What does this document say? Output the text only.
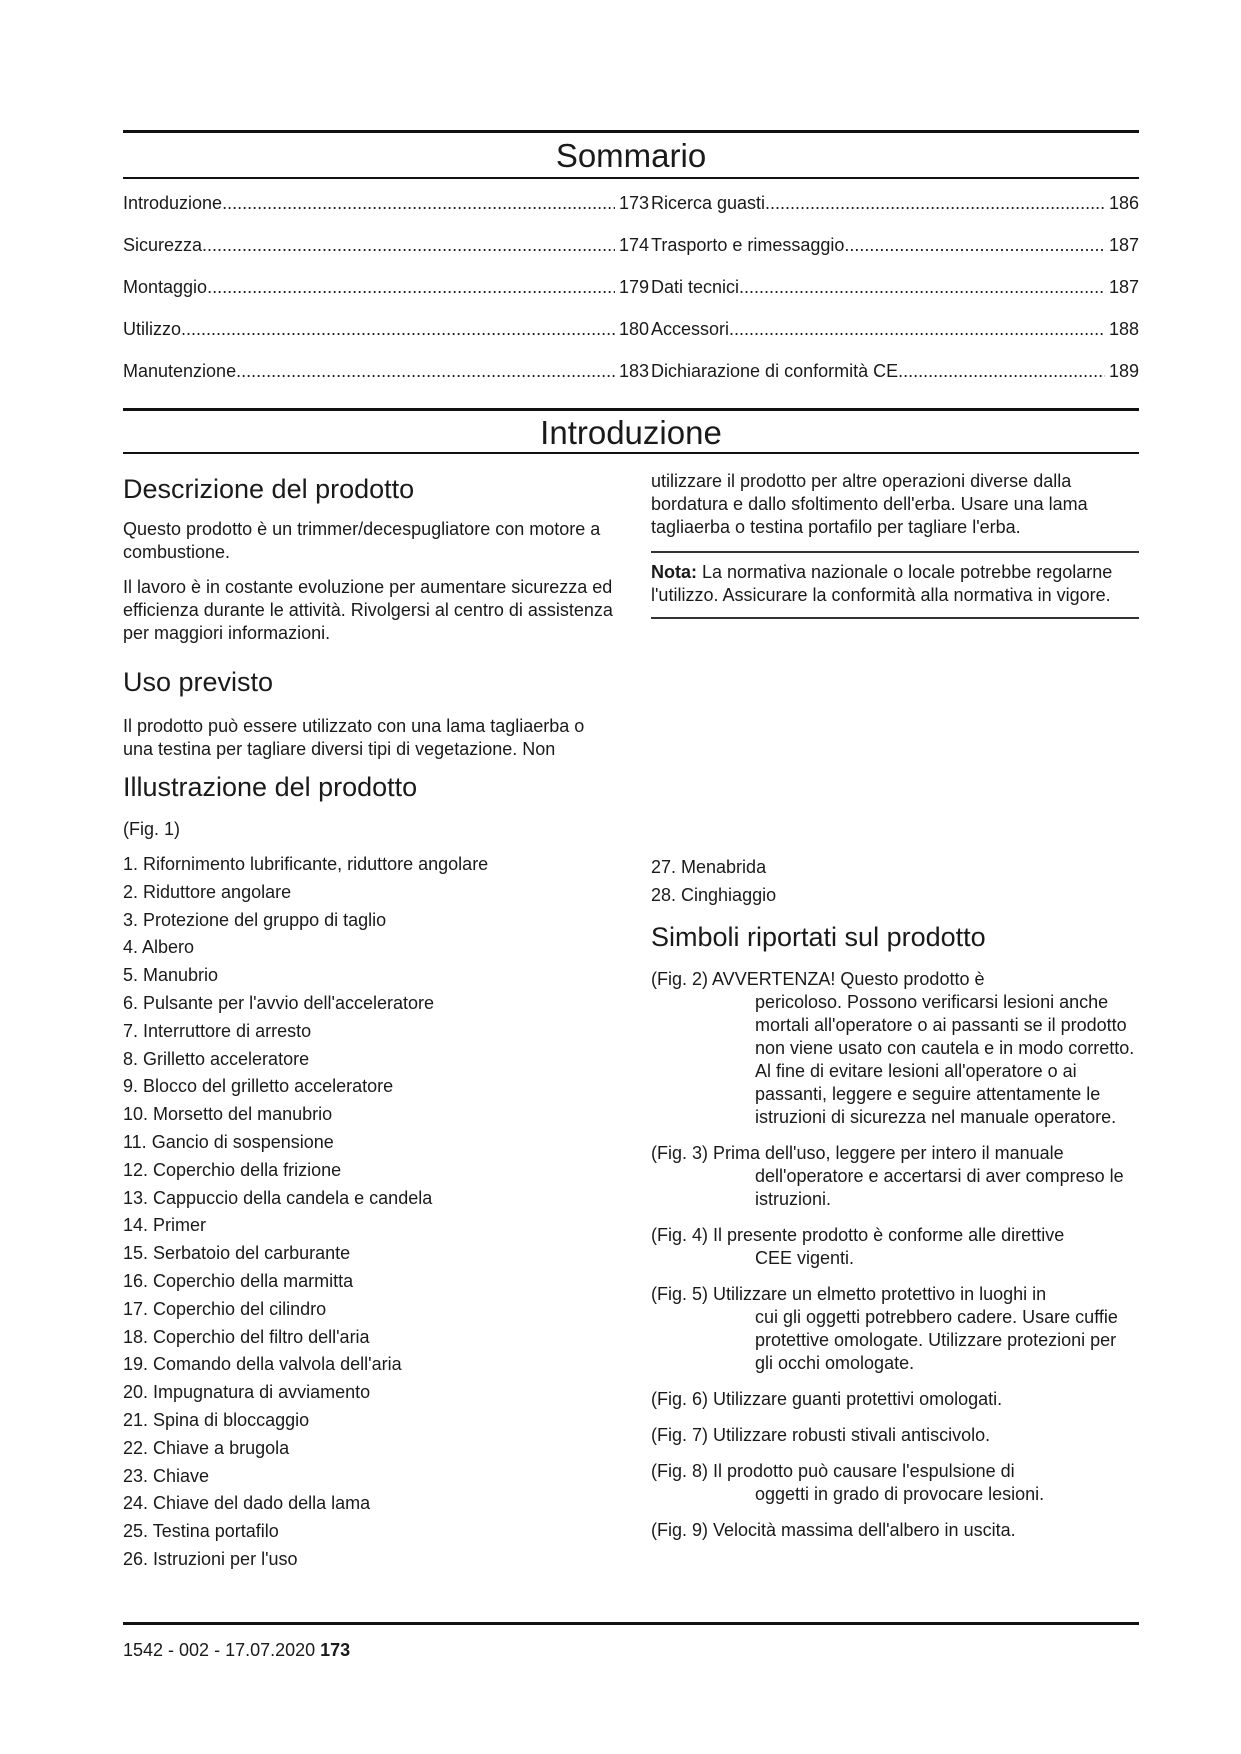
Sommario
Introduzione .....	173
Sicurezza .....	174
Montaggio .....	179
Utilizzo .....	180
Manutenzione .....	183
Ricerca guasti .....	186
Trasporto e rimessaggio .....	187
Dati tecnici .....	187
Accessori .....	188
Dichiarazione di conformità CE .....	189
Introduzione
Descrizione del prodotto

Questo prodotto è un trimmer/decespugliatore con motore a combustione.

Il lavoro è in costante evoluzione per aumentare sicurezza ed efficienza durante le attività. Rivolgersi al centro di assistenza per maggiori informazioni.

Uso previsto

Il prodotto può essere utilizzato con una lama tagliaerba o una testina per tagliare diversi tipi di vegetazione. Non

utilizzare il prodotto per altre operazioni diverse dalla bordatura e dallo sfoltimento dell'erba. Usare una lama tagliaerba o testina portafilo per tagliare l'erba.

Nota: La normativa nazionale o locale potrebbe regolarne l'utilizzo. Assicurare la conformità alla normativa in vigore.

Illustrazione del prodotto

(Fig. 1)

1. Rifornimento lubrificante, riduttore angolare
2. Riduttore angolare
3. Protezione del gruppo di taglio
4. Albero
5. Manubrio
6. Pulsante per l'avvio dell'acceleratore
7. Interruttore di arresto
8. Grilletto acceleratore
9. Blocco del grilletto acceleratore
10. Morsetto del manubrio
11. Gancio di sospensione
12. Coperchio della frizione
13. Cappuccio della candela e candela
14. Primer
15. Serbatoio del carburante
16. Coperchio della marmitta
17. Coperchio del cilindro
18. Coperchio del filtro dell'aria
19. Comando della valvola dell'aria
20. Impugnatura di avviamento
21. Spina di bloccaggio
22. Chiave a brugola
23. Chiave
24. Chiave del dado della lama
25. Testina portafilo
26. Istruzioni per l'uso
27. Menabrida
28. Cinghiaggio
Simboli riportati sul prodotto
(Fig. 2) AVVERTENZA! Questo prodotto è
pericoloso. Possono verificarsi lesioni anche mortali all'operatore o ai passanti se il prodotto non viene usato con cautela e in modo corretto. Al fine di evitare lesioni all'operatore o ai passanti, leggere e seguire attentamente le istruzioni di sicurezza nel manuale operatore.
(Fig. 3) Prima dell'uso, leggere per intero il manuale
dell'operatore e accertarsi di aver compreso le istruzioni.
(Fig. 4) Il presente prodotto è conforme alle direttive
CEE vigenti.
(Fig. 5) Utilizzare un elmetto protettivo in luoghi in
cui gli oggetti potrebbero cadere. Usare cuffie protettive omologate. Utilizzare protezioni per gli occhi omologate.
(Fig. 6) Utilizzare guanti protettivi omologati.
(Fig. 7) Utilizzare robusti stivali antiscivolo.
(Fig. 8) Il prodotto può causare l'espulsione di
oggetti in grado di provocare lesioni.
(Fig. 9) Velocità massima dell'albero in uscita.
1542 - 002 - 17.07.2020 173
